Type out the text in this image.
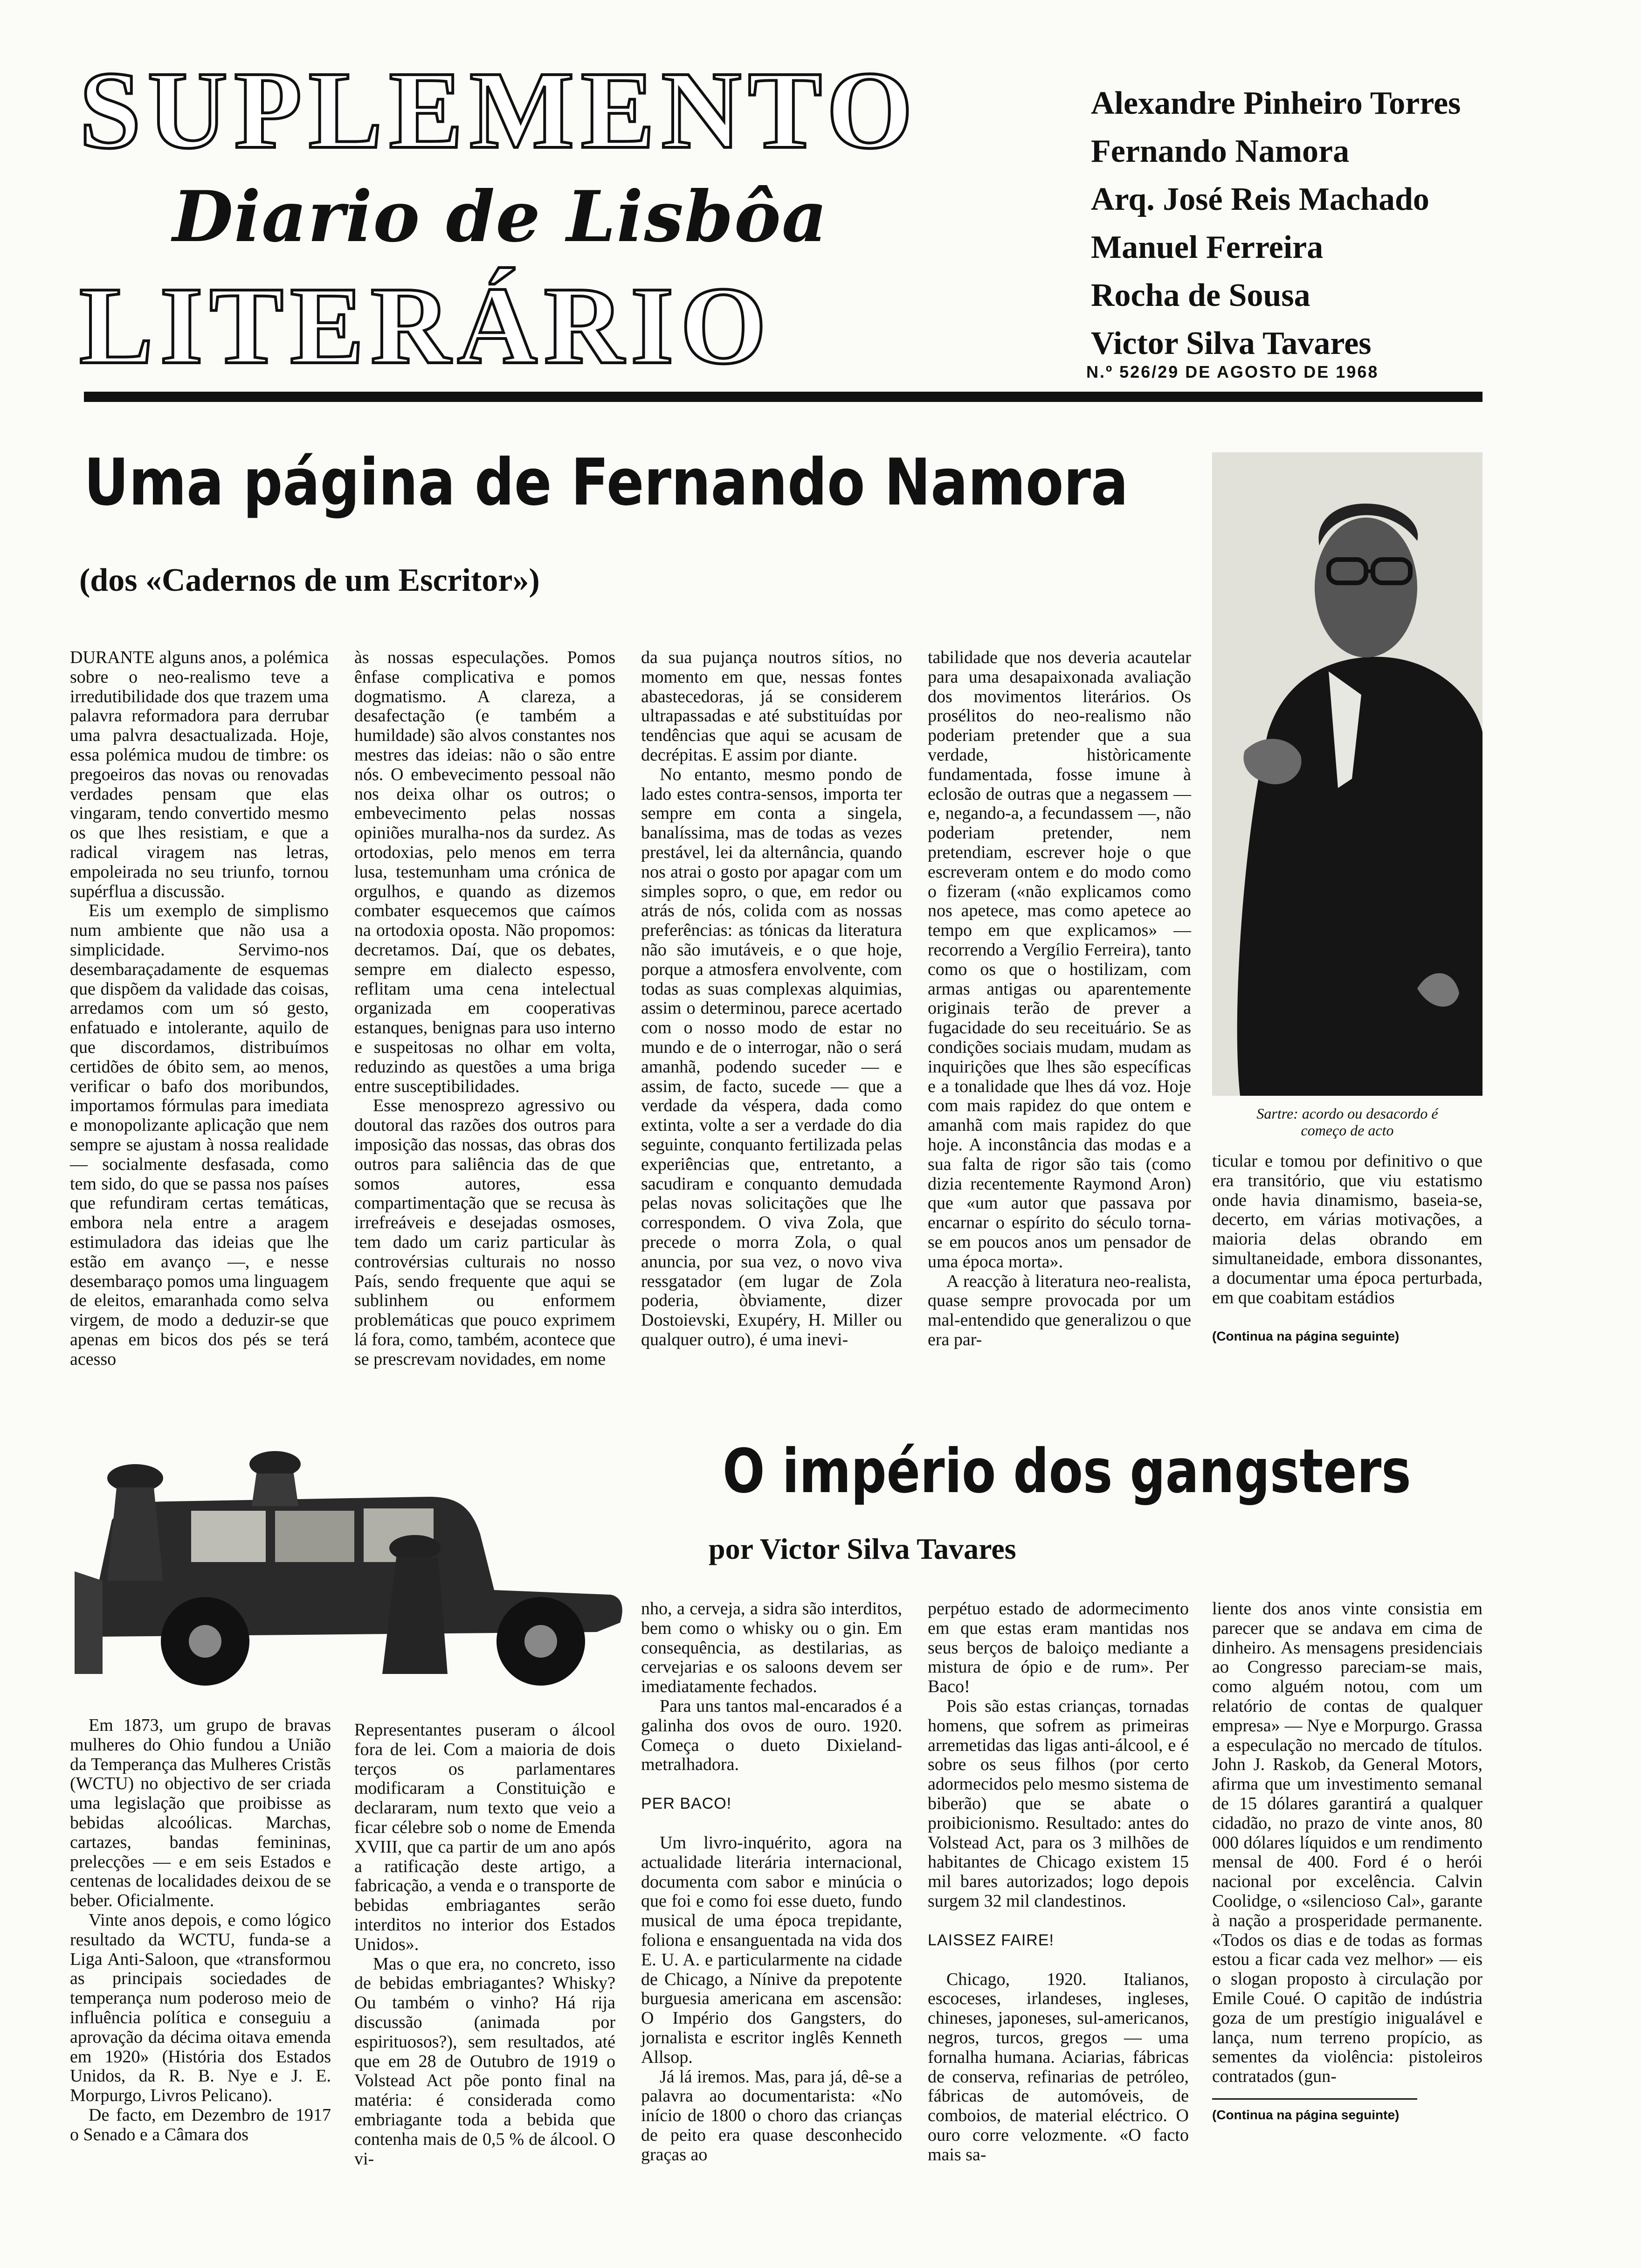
SUPLEMENTO
Diario de Lisbôa
LITERÁRIO
Alexandre Pinheiro Torres
Fernando Namora
Arq. José Reis Machado
Manuel Ferreira
Rocha de Sousa
Victor Silva Tavares
N.º 526/29 DE AGOSTO DE 1968
Uma página de Fernando Namora
(dos «Cadernos de um Escritor»)

DURANTE alguns anos, a polémica sobre o neo-realismo teve a irredutibilidade dos que trazem uma palavra reformadora para derrubar uma palvra desactualizada. Hoje, essa polémica mudou de timbre: os pregoeiros das novas ou renovadas verdades pensam que elas vingaram, tendo convertido mesmo os que lhes resistiam, e que a radical viragem nas letras, empoleirada no seu triunfo, tornou supérflua a discussão.

Eis um exemplo de simplismo num ambiente que não usa a simplicidade. Servimo-nos desembaraçadamente de esquemas que dispõem da validade das coisas, arredamos com um só gesto, enfatuado e intolerante, aquilo de que discordamos, distribuímos certidões de óbito sem, ao menos, verificar o bafo dos moribundos, importamos fórmulas para imediata e monopolizante aplicação que nem sempre se ajustam à nossa realidade — socialmente desfasada, como tem sido, do que se passa nos países que refundiram certas temáticas, embora nela entre a aragem estimuladora das ideias que lhe estão em avanço —, e nesse desembaraço pomos uma linguagem de eleitos, emaranhada como selva virgem, de modo a deduzir-se que apenas em bicos dos pés se terá acesso

às nossas especulações. Pomos ênfase complicativa e pomos dogmatismo. A clareza, a desafectação (e também a humildade) são alvos constantes nos mestres das ideias: não o são entre nós. O embevecimento pessoal não nos deixa olhar os outros; o embevecimento pelas nossas opiniões muralha-nos da surdez. As ortodoxias, pelo menos em terra lusa, testemunham uma crónica de orgulhos, e quando as dizemos combater esquecemos que caímos na ortodoxia oposta. Não propomos: decretamos. Daí, que os debates, sempre em dialecto espesso, reflitam uma cena intelectual organizada em cooperativas estanques, benignas para uso interno e suspeitosas no olhar em volta, reduzindo as questões a uma briga entre susceptibilidades.

Esse menosprezo agressivo ou doutoral das razões dos outros para imposição das nossas, das obras dos outros para saliência das de que somos autores, essa compartimentação que se recusa às irrefreáveis e desejadas osmoses, tem dado um cariz particular às controvérsias culturais no nosso País, sendo frequente que aqui se sublinhem ou enformem problemáticas que pouco exprimem lá fora, como, também, acontece que se prescrevam novidades, em nome

da sua pujança noutros sítios, no momento em que, nessas fontes abastecedoras, já se considerem ultrapassadas e até substituídas por tendências que aqui se acusam de decrépitas. E assim por diante.

No entanto, mesmo pondo de lado estes contra-sensos, importa ter sempre em conta a singela, banalíssima, mas de todas as vezes prestável, lei da alternância, quando nos atrai o gosto por apagar com um simples sopro, o que, em redor ou atrás de nós, colida com as nossas preferências: as tónicas da literatura não são imutáveis, e o que hoje, porque a atmosfera envolvente, com todas as suas complexas alquimias, assim o determinou, parece acertado com o nosso modo de estar no mundo e de o interrogar, não o será amanhã, podendo suceder — e assim, de facto, sucede — que a verdade da véspera, dada como extinta, volte a ser a verdade do dia seguinte, conquanto fertilizada pelas experiências que, entretanto, a sacudiram e conquanto demudada pelas novas solicitações que lhe correspondem. O viva Zola, que precede o morra Zola, o qual anuncia, por sua vez, o novo viva ressgatador (em lugar de Zola poderia, òbviamente, dizer Dostoievski, Exupéry, H. Miller ou qualquer outro), é uma inevi-

tabilidade que nos deveria acautelar para uma desapaixonada avaliação dos movimentos literários. Os prosélitos do neo-realismo não poderiam pretender que a sua verdade, històricamente fundamentada, fosse imune à eclosão de outras que a negassem — e, negando-a, a fecundassem —, não poderiam pretender, nem pretendiam, escrever hoje o que escreveram ontem e do modo como o fizeram («não explicamos como nos apetece, mas como apetece ao tempo em que explicamos» — recorrendo a Vergílio Ferreira), tanto como os que o hostilizam, com armas antigas ou aparentemente originais terão de prever a fugacidade do seu receituário. Se as condições sociais mudam, mudam as inquirições que lhes são específicas e a tonalidade que lhes dá voz. Hoje com mais rapidez do que ontem e amanhã com mais rapidez do que hoje. A inconstância das modas e a sua falta de rigor são tais (como dizia recentemente Raymond Aron) que «um autor que passava por encarnar o espírito do século torna-se em poucos anos um pensador de uma época morta».

A reacção à literatura neo-realista, quase sempre provocada por um mal-entendido que generalizou o que era par-

Sartre: acordo ou desacordo é começo de acto

ticular e tomou por definitivo o que era transitório, que viu estatismo onde havia dinamismo, baseia-se, decerto, em várias motivações, a maioria delas obrando em simultaneidade, embora dissonantes, a documentar uma época perturbada, em que coabitam estádios

(Continua na página seguinte)
O império dos gangsters
por Victor Silva Tavares

Em 1873, um grupo de bravas mulheres do Ohio fundou a União da Temperança das Mulheres Cristãs (WCTU) no objectivo de ser criada uma legislação que proibisse as bebidas alcoólicas. Marchas, cartazes, bandas femininas, prelecções — e em seis Estados e centenas de localidades deixou de se beber. Oficialmente.

Vinte anos depois, e como lógico resultado da WCTU, funda-se a Liga Anti-Saloon, que «transformou as principais sociedades de temperança num poderoso meio de influência política e conseguiu a aprovação da décima oitava emenda em 1920» (História dos Estados Unidos, da R. B. Nye e J. E. Morpurgo, Livros Pelicano).

De facto, em Dezembro de 1917 o Senado e a Câmara dos

Representantes puseram o álcool fora de lei. Com a maioria de dois terços os parlamentares modificaram a Constituição e declararam, num texto que veio a ficar célebre sob o nome de Emenda XVIII, que ca partir de um ano após a ratificação deste artigo, a fabricação, a venda e o transporte de bebidas embriagantes serão interditos no interior dos Estados Unidos».

Mas o que era, no concreto, isso de bebidas embriagantes? Whisky? Ou também o vinho? Há rija discussão (animada por espirituosos?), sem resultados, até que em 28 de Outubro de 1919 o Volstead Act põe ponto final na matéria: é considerada como embriagante toda a bebida que contenha mais de 0,5 % de álcool. O vi-

nho, a cerveja, a sidra são interditos, bem como o whisky ou o gin. Em consequência, as destilarias, as cervejarias e os saloons devem ser imediatamente fechados.

Para uns tantos mal-encarados é a galinha dos ovos de ouro. 1920. Começa o dueto Dixieland-metralhadora.

PER BACO!

Um livro-inquérito, agora na actualidade literária internacional, documenta com sabor e minúcia o que foi e como foi esse dueto, fundo musical de uma época trepidante, foliona e ensanguentada na vida dos E. U. A. e particularmente na cidade de Chicago, a Nínive da prepotente burguesia americana em ascensão: O Império dos Gangsters, do jornalista e escritor inglês Kenneth Allsop.

Já lá iremos. Mas, para já, dê-se a palavra ao documentarista: «No início de 1800 o choro das crianças de peito era quase desconhecido graças ao

perpétuo estado de adormecimento em que estas eram mantidas nos seus berços de baloiço mediante a mistura de ópio e de rum». Per Baco!

Pois são estas crianças, tornadas homens, que sofrem as primeiras arremetidas das ligas anti-álcool, e é sobre os seus filhos (por certo adormecidos pelo mesmo sistema de biberão) que se abate o proibicionismo. Resultado: antes do Volstead Act, para os 3 milhões de habitantes de Chicago existem 15 mil bares autorizados; logo depois surgem 32 mil clandestinos.

LAISSEZ FAIRE!

Chicago, 1920. Italianos, escoceses, irlandeses, ingleses, chineses, japoneses, sul-americanos, negros, turcos, gregos — uma fornalha humana. Aciarias, fábricas de conserva, refinarias de petróleo, fábricas de automóveis, de comboios, de material eléctrico. O ouro corre velozmente. «O facto mais sa-

liente dos anos vinte consistia em parecer que se andava em cima de dinheiro. As mensagens presidenciais ao Congresso pareciam-se mais, como alguém notou, com um relatório de contas de qualquer empresa» — Nye e Morpurgo. Grassa a especulação no mercado de títulos. John J. Raskob, da General Motors, afirma que um investimento semanal de 15 dólares garantirá a qualquer cidadão, no prazo de vinte anos, 80 000 dólares líquidos e um rendimento mensal de 400. Ford é o herói nacional por excelência. Calvin Coolidge, o «silencioso Cal», garante à nação a prosperidade permanente. «Todos os dias e de todas as formas estou a ficar cada vez melhor» — eis o slogan proposto à circulação por Emile Coué. O capitão de indústria goza de um prestígio inigualável e lança, num terreno propício, as sementes da violência: pistoleiros contratados (gun-

(Continua na página seguinte)
